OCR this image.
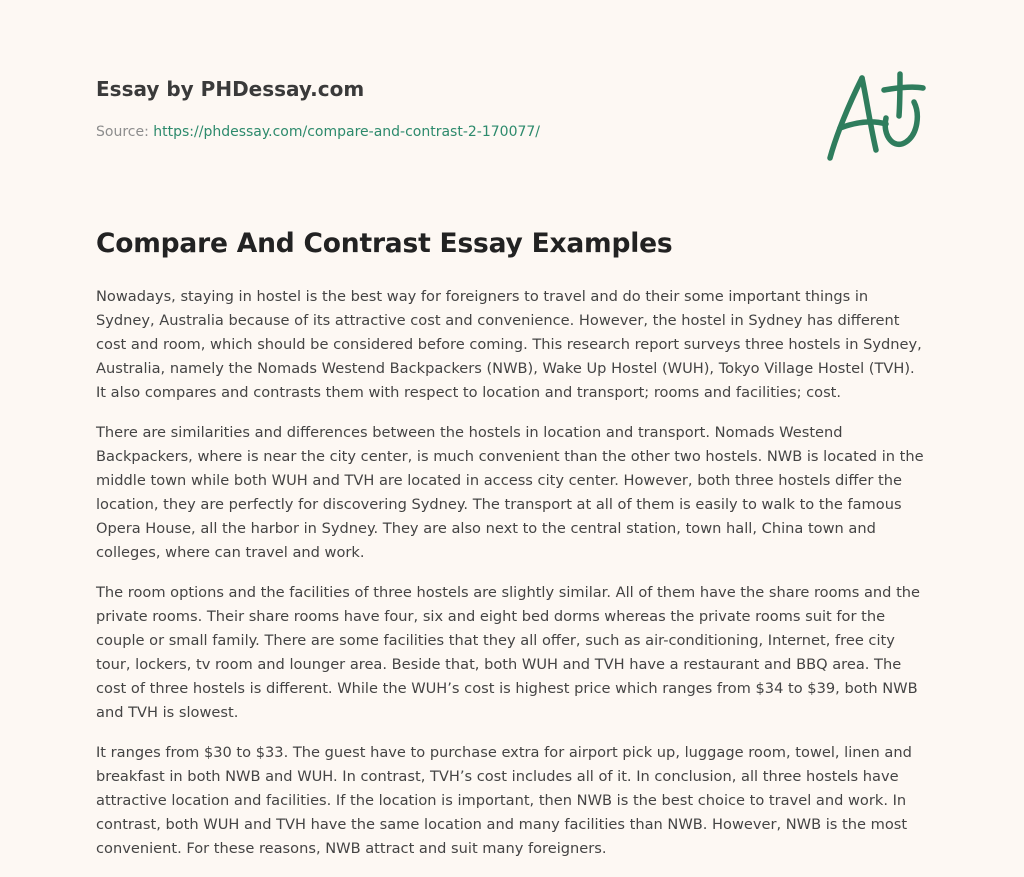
Essay by PHDessay.com
Source: https://phdessay.com/compare-and-contrast-2-170077/
Compare And Contrast Essay Examples

Nowadays, staying in hostel is the best way for foreigners to travel and do their some important things in Sydney, Australia because of its attractive cost and convenience. However, the hostel in Sydney has different cost and room, which should be considered before coming. This research report surveys three hostels in Sydney, Australia, namely the Nomads Westend Backpackers (NWB), Wake Up Hostel (WUH), Tokyo Village Hostel (TVH). It also compares and contrasts them with respect to location and transport; rooms and facilities; cost.

There are similarities and differences between the hostels in location and transport. Nomads Westend Backpackers, where is near the city center, is much convenient than the other two hostels. NWB is located in the middle town while both WUH and TVH are located in access city center. However, both three hostels differ the location, they are perfectly for discovering Sydney. The transport at all of them is easily to walk to the famous Opera House, all the harbor in Sydney. They are also next to the central station, town hall, China town and colleges, where can travel and work.

The room options and the facilities of three hostels are slightly similar. All of them have the share rooms and the private rooms. Their share rooms have four, six and eight bed dorms whereas the private rooms suit for the couple or small family. There are some facilities that they all offer, such as air-conditioning, Internet, free city tour, lockers, tv room and lounger area. Beside that, both WUH and TVH have a restaurant and BBQ area. The cost of three hostels is different. While the WUH’s cost is highest price which ranges from $34 to $39, both NWB and TVH is slowest.

It ranges from $30 to $33. The guest have to purchase extra for airport pick up, luggage room, towel, linen and breakfast in both NWB and WUH. In contrast, TVH’s cost includes all of it. In conclusion, all three hostels have attractive location and facilities. If the location is important, then NWB is the best choice to travel and work. In contrast, both WUH and TVH have the same location and many facilities than NWB. However, NWB is the most convenient. For these reasons, NWB attract and suit many foreigners.
